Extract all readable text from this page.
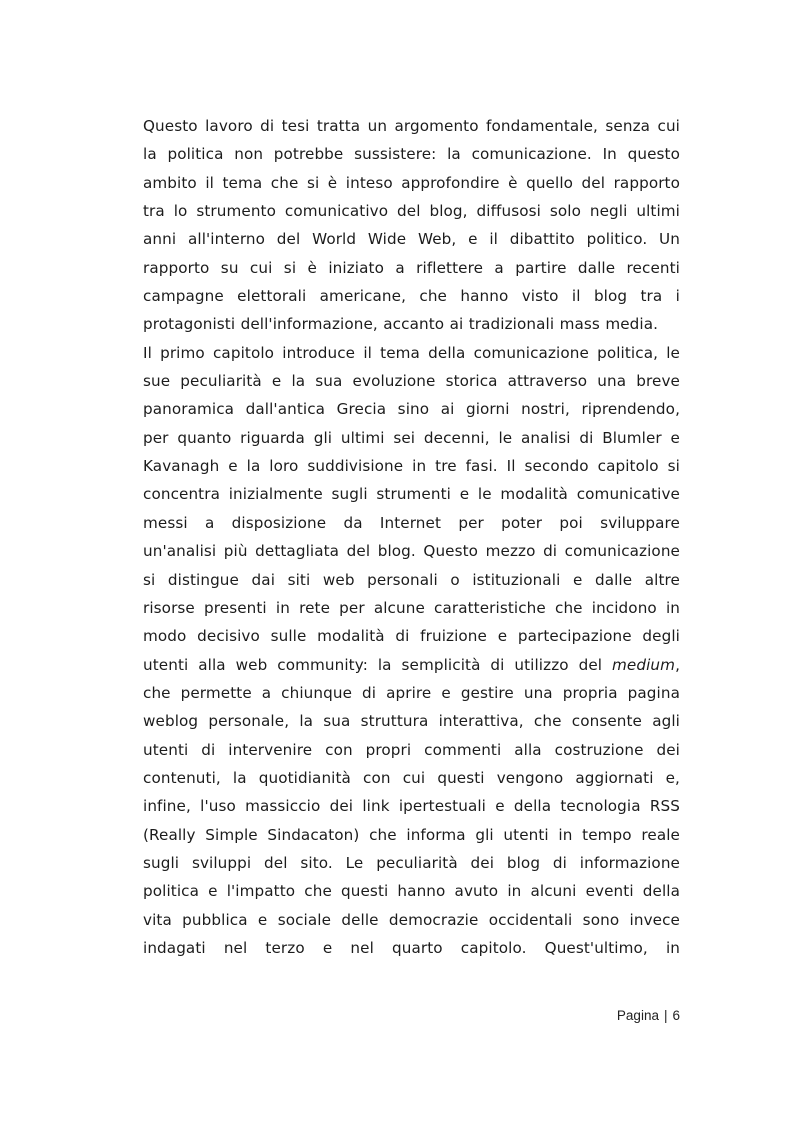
Questo lavoro di tesi tratta un argomento fondamentale, senza cui
la politica non potrebbe sussistere: la comunicazione. In questo
ambito il tema che si è inteso approfondire è quello del rapporto
tra lo strumento comunicativo del blog, diffusosi solo negli ultimi
anni all'interno del World Wide Web, e il dibattito politico. Un
rapporto su cui si è iniziato a riflettere a partire dalle recenti
campagne elettorali americane, che hanno visto il blog tra i
protagonisti dell'informazione, accanto ai tradizionali mass media.
Il primo capitolo introduce il tema della comunicazione politica, le
sue peculiarità e la sua evoluzione storica attraverso una breve
panoramica dall'antica Grecia sino ai giorni nostri, riprendendo,
per quanto riguarda gli ultimi sei decenni, le analisi di Blumler e
Kavanagh e la loro suddivisione in tre fasi. Il secondo capitolo si
concentra inizialmente sugli strumenti e le modalità comunicative
messi a disposizione da Internet per poter poi sviluppare
un'analisi più dettagliata del blog. Questo mezzo di comunicazione
si distingue dai siti web personali o istituzionali e dalle altre
risorse presenti in rete per alcune caratteristiche che incidono in
modo decisivo sulle modalità di fruizione e partecipazione degli
utenti alla web community: la semplicità di utilizzo del medium,
che permette a chiunque di aprire e gestire una propria pagina
weblog personale, la sua struttura interattiva, che consente agli
utenti di intervenire con propri commenti alla costruzione dei
contenuti, la quotidianità con cui questi vengono aggiornati e,
infine, l'uso massiccio dei link ipertestuali e della tecnologia RSS
(Really Simple Sindacaton) che informa gli utenti in tempo reale
sugli sviluppi del sito. Le peculiarità dei blog di informazione
politica e l'impatto che questi hanno avuto in alcuni eventi della
vita pubblica e sociale delle democrazie occidentali sono invece
indagati nel terzo e nel quarto capitolo. Quest'ultimo, in
Pagina | 6
